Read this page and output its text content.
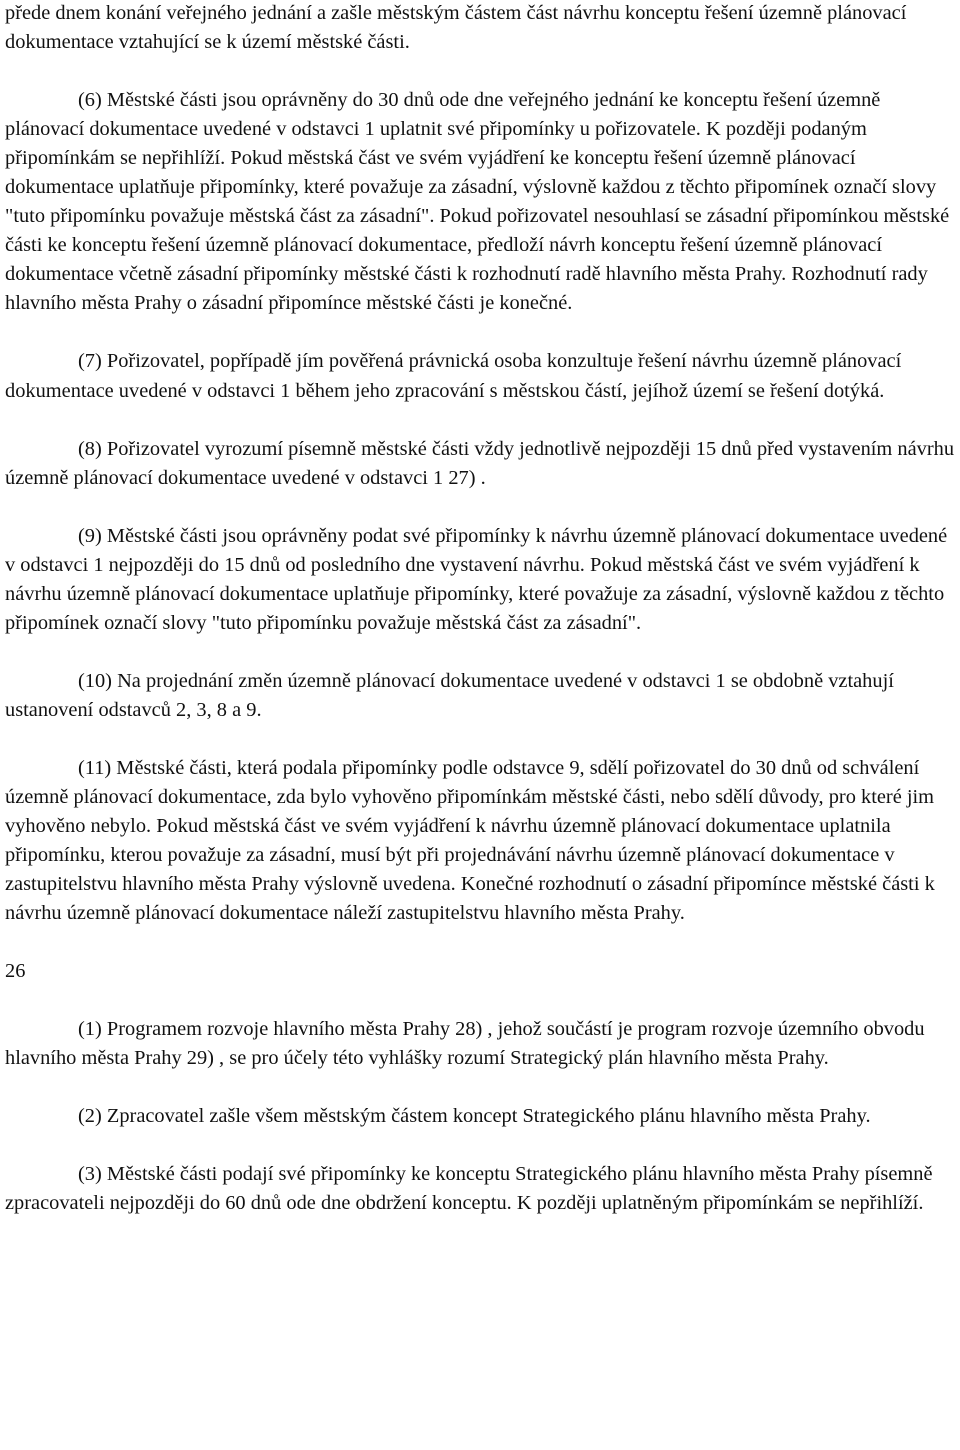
přede dnem konání veřejného jednání a zašle městským částem část návrhu konceptu řešení územně plánovací dokumentace vztahující se k území městské části.

(6) Městské části jsou oprávněny do 30 dnů ode dne veřejného jednání ke konceptu řešení územně plánovací dokumentace uvedené v odstavci 1 uplatnit své připomínky u pořizovatele. K později podaným připomínkám se nepřihlíží. Pokud městská část ve svém vyjádření ke konceptu řešení územně plánovací dokumentace uplatňuje připomínky, které považuje za zásadní, výslovně každou z těchto připomínek označí slovy "tuto připomínku považuje městská část za zásadní". Pokud pořizovatel nesouhlasí se zásadní připomínkou městské části ke konceptu řešení územně plánovací dokumentace, předloží návrh konceptu řešení územně plánovací dokumentace včetně zásadní připomínky městské části k rozhodnutí radě hlavního města Prahy. Rozhodnutí rady hlavního města Prahy o zásadní připomínce městské části je konečné.

(7) Pořizovatel, popřípadě jím pověřená právnická osoba konzultuje řešení návrhu územně plánovací dokumentace uvedené v odstavci 1 během jeho zpracování s městskou částí, jejíhož území se řešení dotýká.

(8) Pořizovatel vyrozumí písemně městské části vždy jednotlivě nejpozději 15 dnů před vystavením návrhu územně plánovací dokumentace uvedené v odstavci 1 27) .

(9) Městské části jsou oprávněny podat své připomínky k návrhu územně plánovací dokumentace uvedené v odstavci 1 nejpozději do 15 dnů od posledního dne vystavení návrhu. Pokud městská část ve svém vyjádření k návrhu územně plánovací dokumentace uplatňuje připomínky, které považuje za zásadní, výslovně každou z těchto připomínek označí slovy "tuto připomínku považuje městská část za zásadní".

(10) Na projednání změn územně plánovací dokumentace uvedené v odstavci 1 se obdobně vztahují ustanovení odstavců 2, 3, 8 a 9.

(11) Městské části, která podala připomínky podle odstavce 9, sdělí pořizovatel do 30 dnů od schválení územně plánovací dokumentace, zda bylo vyhověno připomínkám městské části, nebo sdělí důvody, pro které jim vyhověno nebylo. Pokud městská část ve svém vyjádření k návrhu územně plánovací dokumentace uplatnila připomínku, kterou považuje za zásadní, musí být při projednávání návrhu územně plánovací dokumentace v zastupitelstvu hlavního města Prahy výslovně uvedena. Konečné rozhodnutí o zásadní připomínce městské části k návrhu územně plánovací dokumentace náleží zastupitelstvu hlavního města Prahy.

26

(1) Programem rozvoje hlavního města Prahy 28) , jehož součástí je program rozvoje územního obvodu hlavního města Prahy 29) , se pro účely této vyhlášky rozumí Strategický plán hlavního města Prahy.

(2) Zpracovatel zašle všem městským částem koncept Strategického plánu hlavního města Prahy.

(3) Městské části podají své připomínky ke konceptu Strategického plánu hlavního města Prahy písemně zpracovateli nejpozději do 60 dnů ode dne obdržení konceptu. K později uplatněným připomínkám se nepřihlíží.
